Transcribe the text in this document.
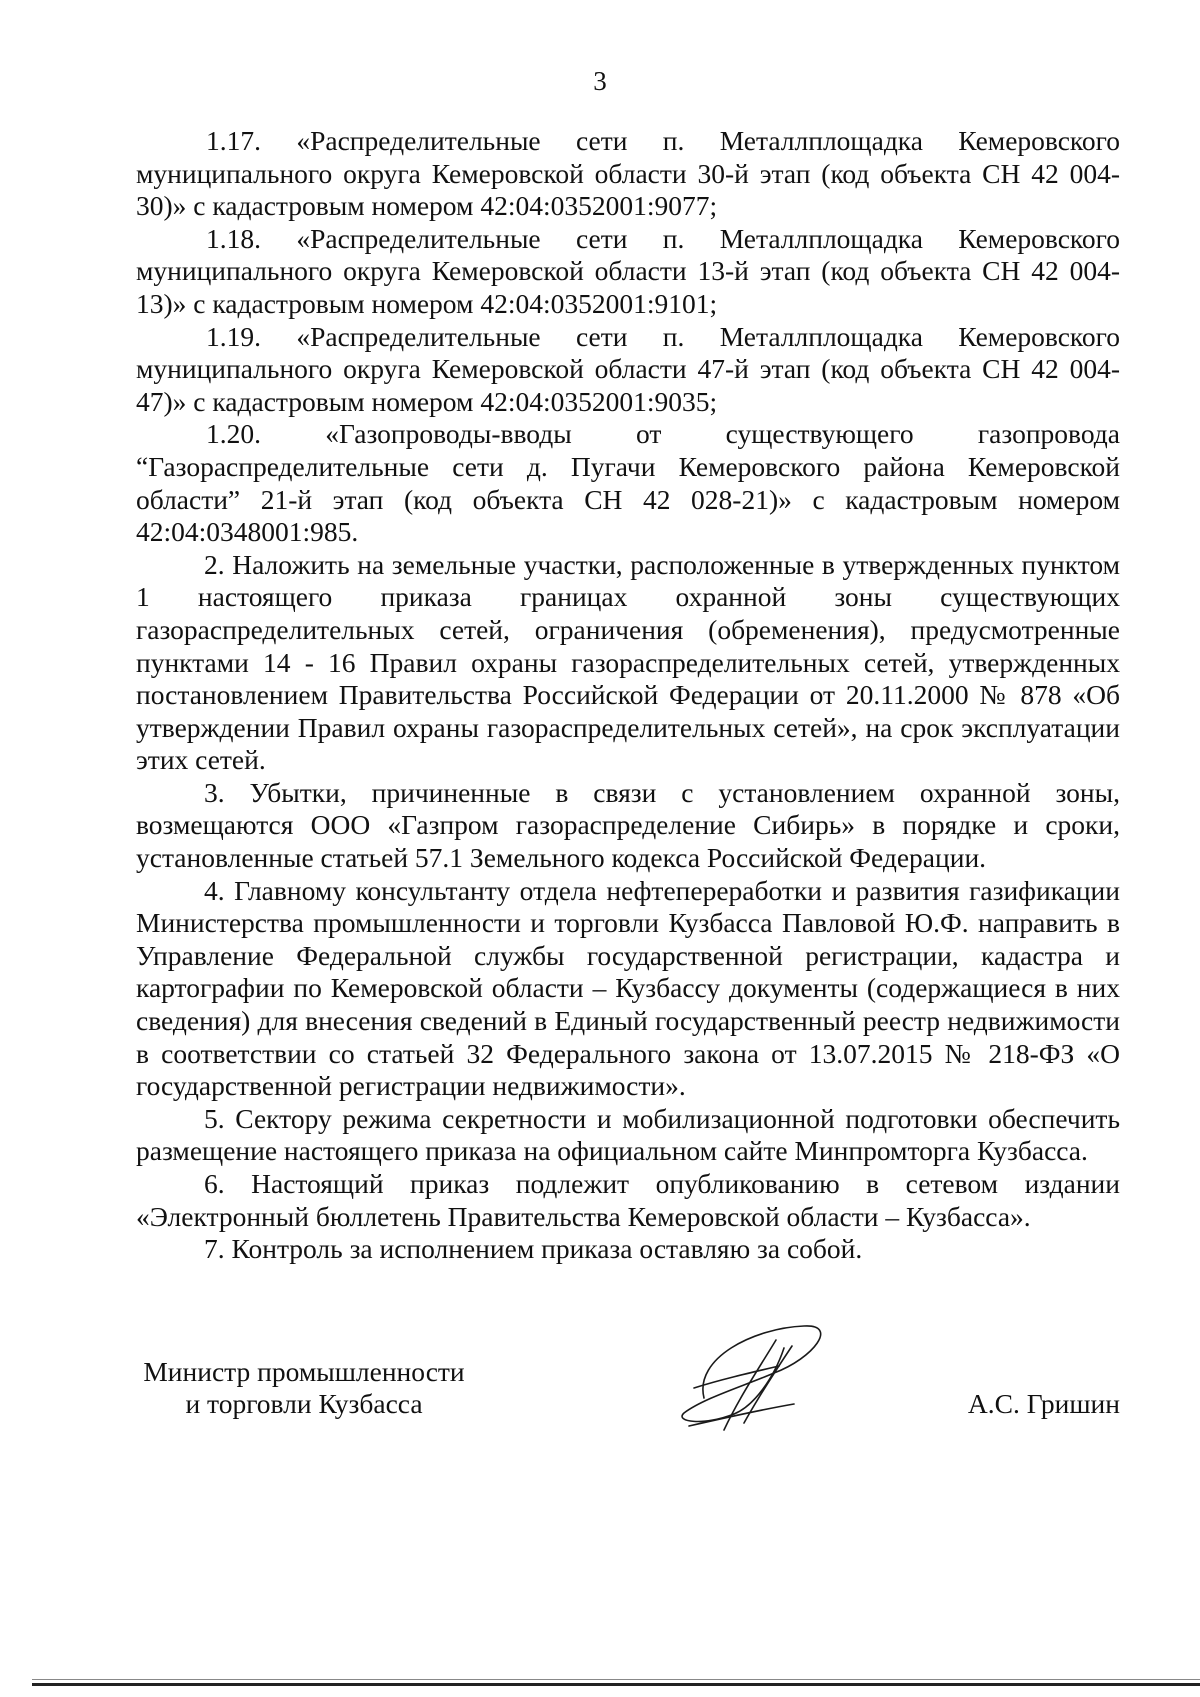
3

1.17. «Распределительные сети п. Металлплощадка Кемеровского муниципального округа Кемеровской области 30-й этап (код объекта СН 42 004-30)» с кадастровым номером 42:04:0352001:9077;

1.18. «Распределительные сети п. Металлплощадка Кемеровского муниципального округа Кемеровской области 13-й этап (код объекта СН 42 004-13)» с кадастровым номером 42:04:0352001:9101;

1.19. «Распределительные сети п. Металлплощадка Кемеровского муниципального округа Кемеровской области 47-й этап (код объекта СН 42 004-47)» с кадастровым номером 42:04:0352001:9035;

1.20. «Газопроводы-вводы от существующего газопровода “Газораспределительные сети д. Пугачи Кемеровского района Кемеровской области” 21-й этап (код объекта СН 42 028-21)» с кадастровым номером 42:04:0348001:985.

2. Наложить на земельные участки, расположенные в утвержденных пунктом 1 настоящего приказа границах охранной зоны существующих газораспределительных сетей, ограничения (обременения), предусмотренные пунктами 14 - 16 Правил охраны газораспределительных сетей, утвержденных постановлением Правительства Российской Федерации от 20.11.2000 № 878 «Об утверждении Правил охраны газораспределительных сетей», на срок эксплуатации этих сетей.

3. Убытки, причиненные в связи с установлением охранной зоны, возмещаются ООО «Газпром газораспределение Сибирь» в порядке и сроки, установленные статьей 57.1 Земельного кодекса Российской Федерации.

4. Главному консультанту отдела нефтепереработки и развития газификации Министерства промышленности и торговли Кузбасса Павловой Ю.Ф. направить в Управление Федеральной службы государственной регистрации, кадастра и картографии по Кемеровской области – Кузбассу документы (содержащиеся в них сведения) для внесения сведений в Единый государственный реестр недвижимости в соответствии со статьей 32 Федерального закона от 13.07.2015 № 218-ФЗ «О государственной регистрации недвижимости».

5. Сектору режима секретности и мобилизационной подготовки обеспечить размещение настоящего приказа на официальном сайте Минпромторга Кузбасса.

6. Настоящий приказ подлежит опубликованию в сетевом издании «Электронный бюллетень Правительства Кемеровской области – Кузбасса».

7. Контроль за исполнением приказа оставляю за собой.

Министр промышленности
и торговли Кузбасса	А.С. Гришин
